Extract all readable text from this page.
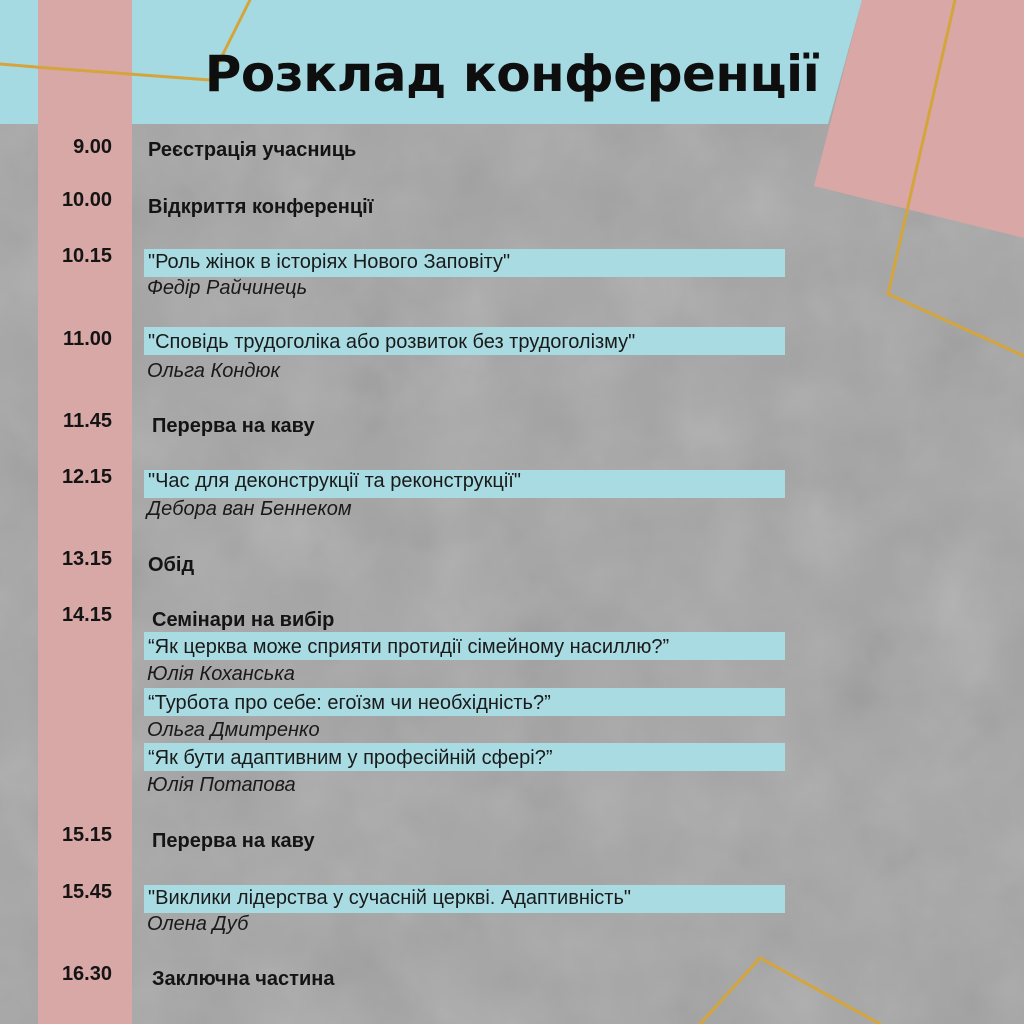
Розклад конференції
9.00 Реєстрація учасниць
10.00 Відкриття конференції
10.15 "Роль жінок в історіях Нового Заповіту"
Федір Райчинець
11.00 "Сповідь трудоголіка або розвиток без трудоголізму"
Ольга Кондюк
11.45 Перерва на каву
12.15 "Час для деконструкції та реконструкції"
Дебора ван Беннеком
13.15 Обід
14.15 Семінари на вибір
“Як церква може сприяти протидії сімейному насиллю?”
Юлія Коханська
“Турбота про себе: егоїзм чи необхідність?”
Ольга Дмитренко
“Як бути адаптивним у професійній сфері?”
Юлія Потапова
15.15 Перерва на каву
15.45 "Виклики лідерства у сучасній церкві. Адаптивність"
Олена Дуб
16.30 Заключна частина
